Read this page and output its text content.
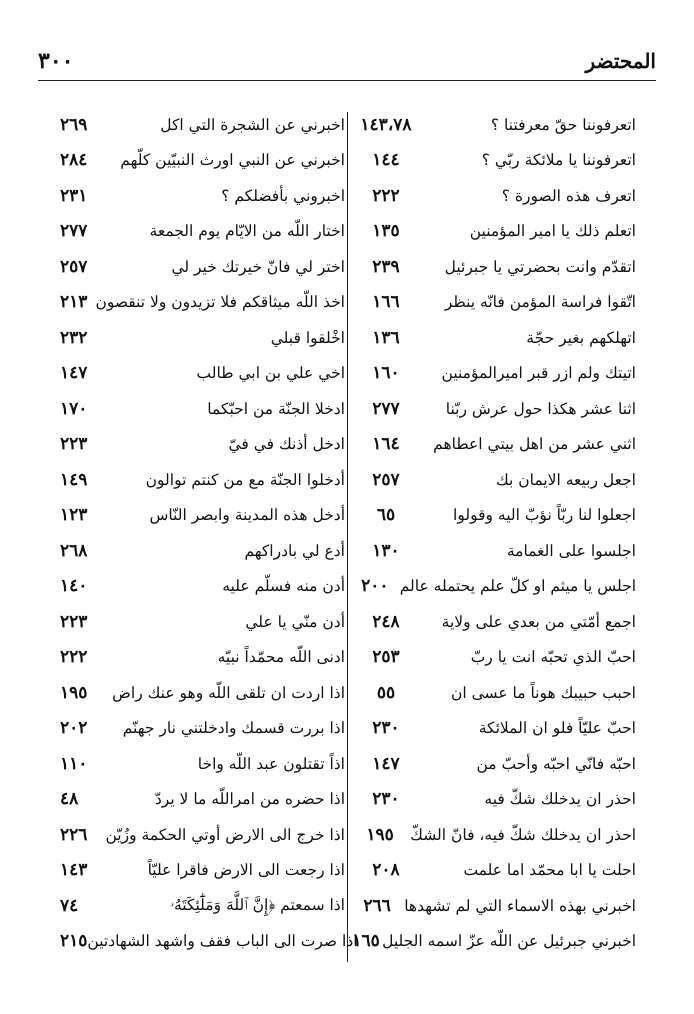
٣٠٠	المحتضر
١٤٣،٧٨	اتعرفوننا حقّ معرفتنا ؟
١٤٤	اتعرفوننا يا ملائكة ربّي ؟
٢٢٢	اتعرف هذه الصورة ؟
١٣٥	اتعلم ذلك يا امير المؤمنين
٢٣٩	اتقدّم وانت بحضرتي يا جبرئيل
١٦٦	اتّقوا فراسة المؤمن فانّه ينظر
١٣٦	اتهلكهم بغير حجّة
١٦٠	اتيتك ولم ازر قبر اميرالمؤمنين
٢٧٧	اثنا عشر هكذا حول عرش ربّنا
١٦٤	اثني عشر من اهل بيتي اعطاهم
٢٥٧	اجعل ربيعه الايمان بك
٦٥	اجعلوا لنا ربّاً نؤبّ اليه وقولوا
١٣٠	اجلسوا على الغمامة
٢٠٠ اجلس يا ميثم او كلّ علم يحتمله عالم
٢٤٨	اجمع أمّتي من بعدي على ولاية
٢٥٣	احبّ الذي تحبّه انت يا ربّ
٥٥	احبب حبيبك هوناً ما عسى ان
٢٣٠	احبّ عليّاً فلو ان الملائكة
١٤٧	احبّه فانّي احبّه وأحبّ من
٢٣٠	احذر ان يدخلك شكّ فيه
١٩٥	احذر ان يدخلك شكّ فيه، فانّ الشكّ
٢٠٨	احلت يا ابا محمّد اما علمت
٢٦٦ اخبرني بهذه الاسماء التي لم تشهدها
١٦٥ اخبرني جبرئيل عن اللّه عزّ اسمه الجليل
٢٦٩	اخبرني عن الشجرة التي اكل
٢٨٤	اخبرني عن النبي اورث النبيّين كلّهم
٢٣١	اخبروني بأفضلكم ؟
٢٧٧	اختار اللّه من الايّام يوم الجمعة
٢٥٧	اختر لي فانّ خيرتك خير لي
٢١٣ اخذ اللّه ميثاقكم فلا تزيدون ولا تنقصون
٢٣٢	اخْلقوا قبلي
١٤٧	اخي علي بن ابي طالب
١٧٠	ادخلا الجنّة من احبّكما
٢٢٣	ادخل أذنك في فيّ
١٤٩	أدخلوا الجنّة مع من كنتم توالون
١٢٣	أدخل هذه المدينة وابصر النّاس
٢٦٨	أدع لي بادراكهم
١٤٠	أدن منه فسلّم عليه
٢٢٣	أدن منّي يا علي
٢٢٢	ادنى اللّه محمّداً نبيّه
١٩٥	اذا اردت ان تلقى اللّه وهو عنك راض
٢٠٢	اذا بررت قسمك وادخلتني نار جهنّم
١١٠	اذاً تقتلون عبد اللّه واخا
٤٨	اذا حضره من امراللّه ما لا يردّ
٢٢٦	اذا خرج الى الارض أوتي الحكمة وزُيّن
١٤٣	اذا رجعت الى الارض فاقرا عليّاً
٧٤	اذا سمعتم ﴿إِنَّ ٱللَّهَ وَمَلَٰٓئِكَتَهُۥ
٢١٥ اذا صرت الى الباب فقف واشهد الشهادتين
